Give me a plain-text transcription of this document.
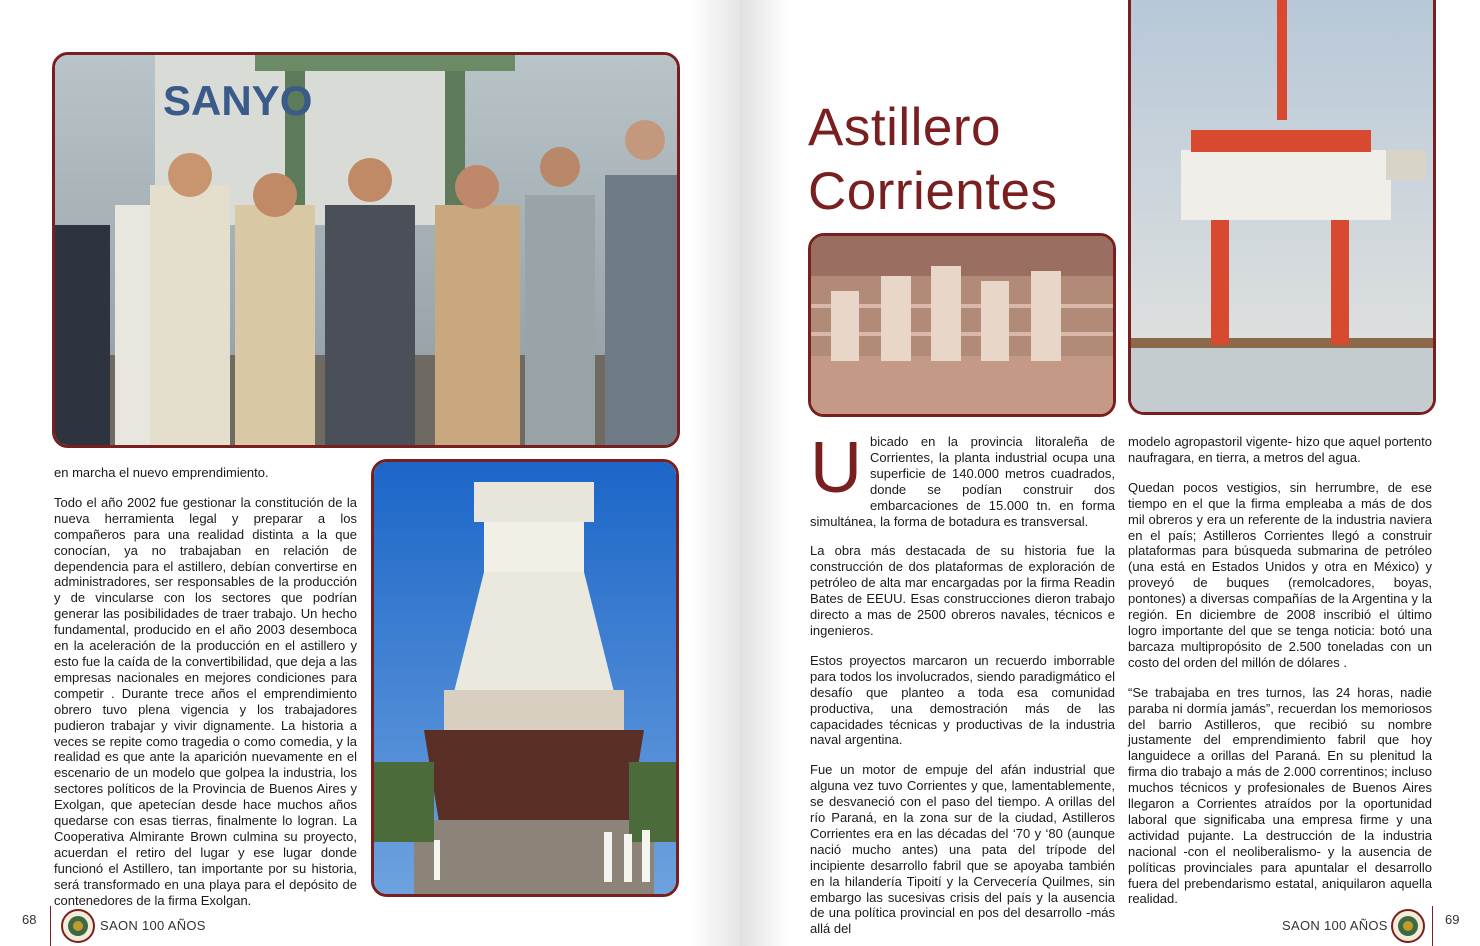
SANYO

en marcha el nuevo emprendimiento.

Todo el año 2002 fue gestionar la constitución de la nueva herramienta legal y preparar a los compañeros para una realidad distinta a la que conocían, ya no trabajaban en relación de dependencia para el astillero, debían convertirse en administradores, ser responsables de la producción y de vincularse con los sectores que podrían generar las posibilidades de traer trabajo. Un hecho fundamental, producido en el año 2003 desemboca en la aceleración de la producción en el astillero y esto fue la caída de la convertibilidad, que deja a las empresas nacionales en mejores condiciones para competir . Durante trece años el emprendimiento obrero tuvo plena vigencia y los trabajadores pudieron trabajar y vivir dignamente. La historia a veces se repite como tragedia o como comedia, y la realidad es que ante la aparición nuevamente en el escenario de un modelo que golpea la industria, los sectores políticos de la Provincia de Buenos Aires y Exolgan, que apetecían desde hace muchos años quedarse con esas tierras, finalmente lo logran. La Cooperativa Almirante Brown culmina su proyecto, acuerdan el retiro del lugar y ese lugar donde funcionó el Astillero, tan importante por su historia, será transformado en una playa para el depósito de contenedores de la firma Exolgan.

68	SAON 100 AÑOS
Astillero
Corrientes

U bicado en la provincia litoraleña de Corrientes, la planta industrial ocupa una superficie de 140.000 metros cuadrados, donde se podían construir dos embarcaciones de 15.000 tn. en forma simultánea, la forma de botadura es transversal.

La obra más destacada de su historia fue la construcción de dos plataformas de exploración de petróleo de alta mar encargadas por la firma Readin Bates de EEUU. Esas construcciones dieron trabajo directo a mas de 2500 obreros navales, técnicos e ingenieros.

Estos proyectos marcaron un recuerdo imborrable para todos los involucrados, siendo paradigmático el desafío que planteo a toda esa comunidad productiva, una demostración más de las capacidades técnicas y productivas de la industria naval argentina.

Fue un motor de empuje del afán industrial que alguna vez tuvo Corrientes y que, lamentablemente, se desvaneció con el paso del tiempo. A orillas del río Paraná, en la zona sur de la ciudad, Astilleros Corrientes era en las décadas del ‘70 y ‘80 (aunque nació mucho antes) una pata del trípode del incipiente desarrollo fabril que se apoyaba también en la hilandería Tipoití y la Cervecería Quilmes, sin embargo las sucesivas crisis del país y la ausencia de una política provincial en pos del desarrollo -más allá del

modelo agropastoril vigente- hizo que aquel portento naufragara, en tierra, a metros del agua.

Quedan pocos vestigios, sin herrumbre, de ese tiempo en el que la firma empleaba a más de dos mil obreros y era un referente de la industria naviera en el país; Astilleros Corrientes llegó a construir plataformas para búsqueda submarina de petróleo (una está en Estados Unidos y otra en México) y proveyó de buques (remolcadores, boyas, pontones) a diversas compañías de la Argentina y la región. En diciembre de 2008 inscribió el último logro importante del que se tenga noticia: botó una barcaza multipropósito de 2.500 toneladas con un costo del orden del millón de dólares .

“Se trabajaba en tres turnos, las 24 horas, nadie paraba ni dormía jamás”, recuerdan los memoriosos del barrio Astilleros, que recibió su nombre justamente del emprendimiento fabril que hoy languidece a orillas del Paraná. En su plenitud la firma dio trabajo a más de 2.000 correntinos; incluso muchos técnicos y profesionales de Buenos Aires llegaron a Corrientes atraídos por la oportunidad laboral que significaba una empresa firme y una actividad pujante. La destrucción de la industria nacional -con el neoliberalismo- y la ausencia de políticas provinciales para apuntalar el desarrollo fuera del prebendarismo estatal, aniquilaron aquella realidad.

SAON 100 AÑOS	69
